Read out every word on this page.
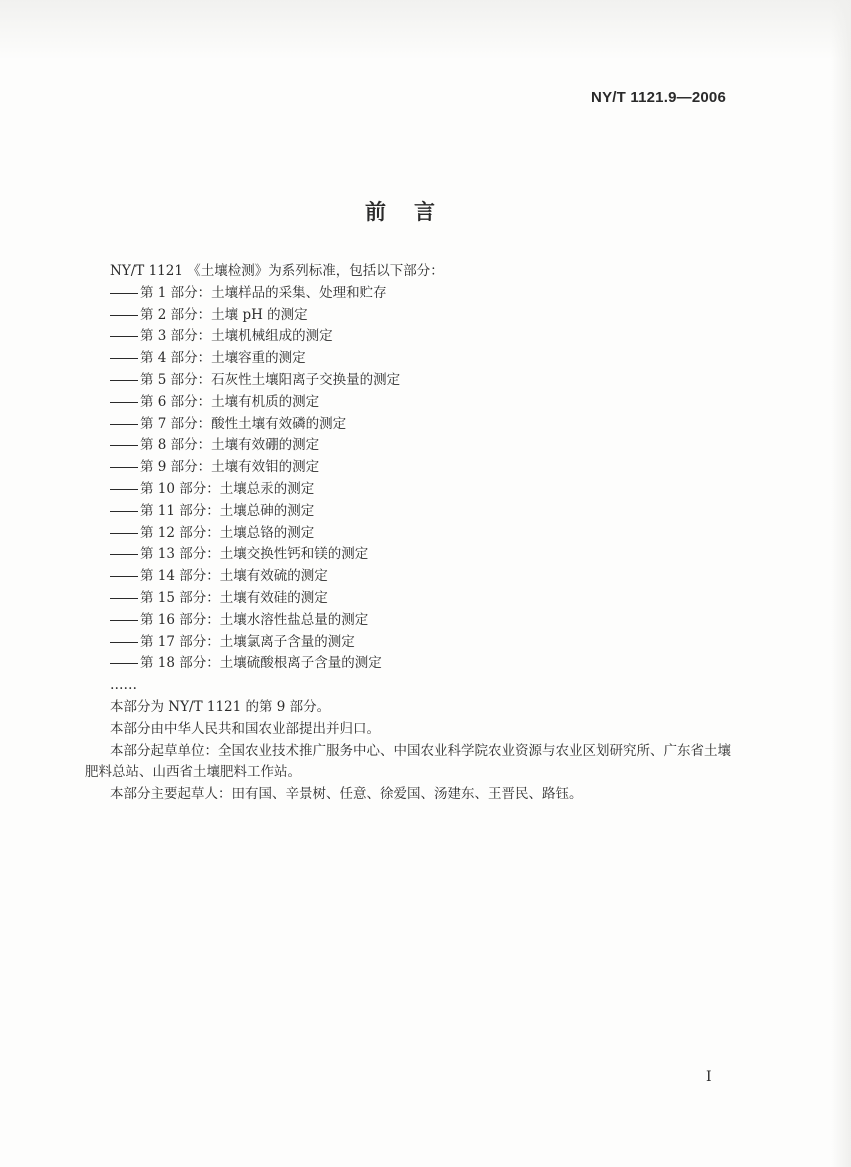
NY/T 1121.9—2006
前言
NY/T 1121 《土壤检测》为系列标准，包括以下部分：
第 1 部分：土壤样品的采集、处理和贮存
第 2 部分：土壤 pH 的测定
第 3 部分：土壤机械组成的测定
第 4 部分：土壤容重的测定
第 5 部分：石灰性土壤阳离子交换量的测定
第 6 部分：土壤有机质的测定
第 7 部分：酸性土壤有效磷的测定
第 8 部分：土壤有效硼的测定
第 9 部分：土壤有效钼的测定
第 10 部分：土壤总汞的测定
第 11 部分：土壤总砷的测定
第 12 部分：土壤总铬的测定
第 13 部分：土壤交换性钙和镁的测定
第 14 部分：土壤有效硫的测定
第 15 部分：土壤有效硅的测定
第 16 部分：土壤水溶性盐总量的测定
第 17 部分：土壤氯离子含量的测定
第 18 部分：土壤硫酸根离子含量的测定
……
本部分为 NY/T 1121 的第 9 部分。
本部分由中华人民共和国农业部提出并归口。
本部分起草单位：全国农业技术推广服务中心、中国农业科学院农业资源与农业区划研究所、广东省土壤肥料总站、山西省土壤肥料工作站。
本部分主要起草人：田有国、辛景树、任意、徐爱国、汤建东、王晋民、路钰。
I
